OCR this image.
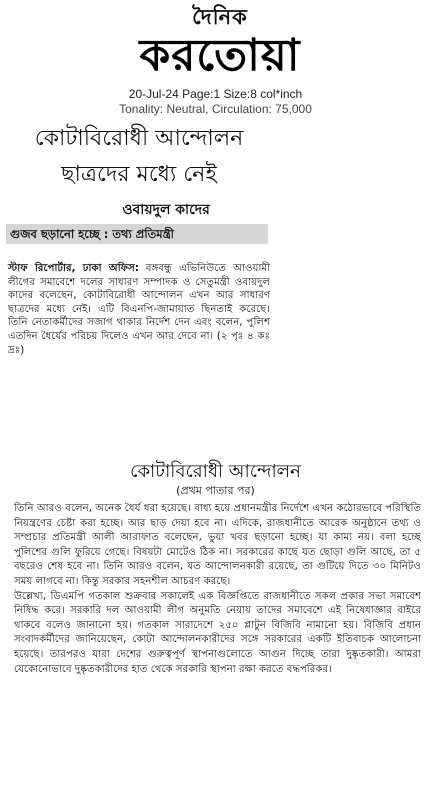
দৈনিক
করতোয়া
20-Jul-24 Page:1 Size:8 col*inch
Tonality: Neutral, Circulation: 75,000
কোটাবিরোধী আন্দোলন
ছাত্রদের মধ্যে নেই
ওবায়দুল কাদের
গুজব ছড়ানো হচ্ছে : তথ্য প্রতিমন্ত্রী
স্টাফ রিপোর্টার, ঢাকা অফিস: বঙ্গবন্ধু এভিনিউতে আওয়ামী লীগের সমাবেশে দলের সাধারণ সম্পাদক ও সেতুমন্ত্রী ওবায়দুল কাদের বলেছেন, কোটাবিরোধী আন্দোলন এখন আর সাধারণ ছাত্রদের মধ্যে নেই। এটি বিএনপি-জামায়াত ছিনতাই করেছে। তিনি নেতাকর্মীদের সজাগ থাকার নির্দেশ দেন এবং বলেন, পুলিশ এতদিন ধৈর্যের পরিচয় দিলেও এখন আর দেবে না। (২ পৃঃ ৪ কঃ দ্রঃ)
কোটাবিরোধী আন্দোলন
(প্রথম পাতার পর)

তিনি আরও বলেন, অনেক ধৈর্য ধরা হয়েছে। বাধ্য হয়ে প্রধানমন্ত্রীর নির্দেশে এখন কঠোরভাবে পরিস্থিতি নিয়ন্ত্রণের চেষ্টা করা হচ্ছে। আর ছাড় দেয়া হবে না। এদিকে, রাজধানীতে আরেক অনুষ্ঠানে তথ্য ও সম্প্রচার প্রতিমন্ত্রী আলী আরাফাত বলেছেন, ভুয়া খবর ছড়ানো হচ্ছে। যা কাম্য নয়। বলা হচ্ছে পুলিশের গুলি ফুরিয়ে গেছে। বিষয়টা মোটেও ঠিক না। সরকারের কাছে যত ছোড়া গুলি আছে, তা ৫ বছরেও শেষ হবে না। তিনি আরও বলেন, যত আন্দোলনকারী রয়েছে, তা গুটিয়ে দিতে ৩০ মিনিটও সময় লাগবে না। কিন্তু সরকার সহনশীল আচরণ করছে।

উল্লেখ্য, ডিএমপি গতকাল শুক্রবার সকালেই এক বিজ্ঞপ্তিতে রাজধানীতে সকল প্রকার সভা সমাবেশ নিষিদ্ধ করে। সরকারি দল আওয়ামী লীগ অনুমতি নেয়ায় তাদের সমাবেশে এই নিষেধাজ্ঞার বাইরে থাকবে বলেও জানানো হয়। গতকাল সারাদেশে ২৫০ প্লাটুন বিজিবি নামানো হয়। বিজিবি প্রধান সংবাদকর্মীদের জানিয়েছেন, কোটা আন্দোলনকারীদের সঙ্গে সরকারের একটি ইতিবাচক আলোচনা হয়েছে। তারপরও যারা দেশের গুরুত্বপূর্ণ স্থাপনাগুলোতে আগুন দিচ্ছে তারা দুষ্কৃতকারী। আমরা যেকোনোভাবে দুষ্কৃতকারীদের হাত থেকে সরকারি স্থাপনা রক্ষা করতে বদ্ধপরিকর।
